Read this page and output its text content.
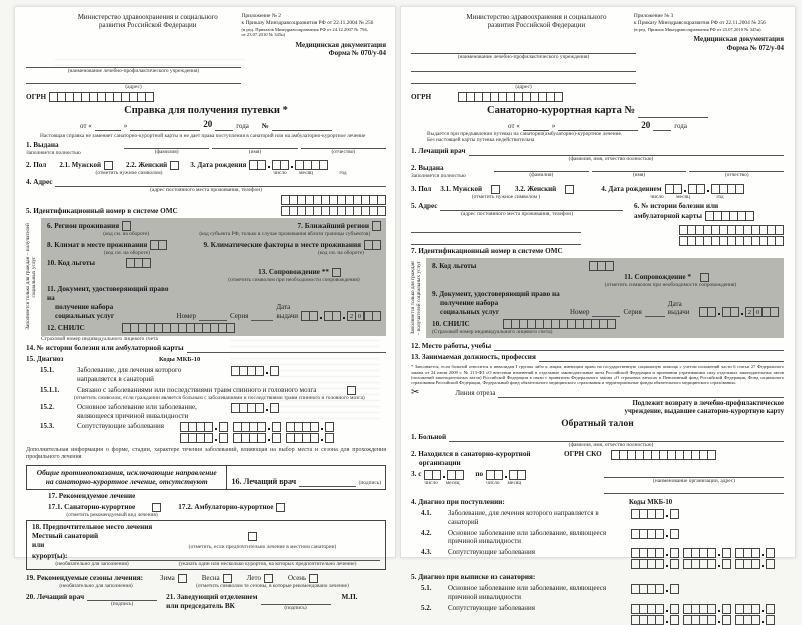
Министерство здравоохранения и социального
развития Российской Федерации
Приложение № 2
к Приказу Минздравсоцразвития РФ от 22.11.2004 № 256
(в ред. Приказов Минздравсоцразвития РФ от 24.12.2007 № 794,
от 23.07.2010 № 345н)
Медицинская документация
Форма № 070/у-04
(наименование лечебно-профилактического учреждения)
(адрес)
ОГРН
Справка для получения путевки *
от «	»	20	года №
Настоящая справка не заменяет санаторно-курортной карты и не дает права поступления в санаторий или на амбулаторно-курортное лечение
1. Выдана
Заполняется полностью	(фамилия)	(имя)	(отчество)
2. Пол 2.1. Мужской	2.2. Женский	3. Дата рождения
(отметить нужное символом)	число	месяц	год
4. Адрес
(адрес постоянного места проживания, телефон)
5. Идентификационный номер в системе ОМС
Заполняется только для граждан – получателей социальных услуг
6. Регион проживания	7. Ближайший регион
(код см. на обороте)	(код субъекта РФ, только в случае проживания вблизи границы субъектов)
8. Климат в месте проживания	9. Климатические факторы в месте проживания
(код см. на обороте)	(код см. на обороте)
10. Код льготы
13. Сопровождение **
(отметить символом при необходимости сопровождения)
11. Документ, удостоверяющий право на
получение набора
социальных услуг	Номер	Серия
Дата выдачи	2 0
12. СНИЛС
Страховой номер индивидуального лицевого счета
14. № истории болезни или амбулаторной карты
15. Диагноз	Коды МКБ-10
15.1.	Заболевание, для лечения которого направляется в санаторий
15.1.1.	Связано с заболеваниями или последствиями травм спинного и головного мозга
(отметить символом, если гражданин является больным с заболеваниями и последствиями травм спинного и головного мозга)
15.2.	Основное заболевание или заболевание, являющееся причиной инвалидности
15.3.	Сопутствующие заболевания
Дополнительная информация о форме, стадии, характере течения заболеваний, влияющая на выбор места и сезона для прохождения профильного лечения
Общие противопоказания, исключающие направление
на санаторно-курортное лечение, отсутствуют	16. Лечащий врач	(подпись)
17. Рекомендуемое лечение
17.1. Санаторно-курортное	17.2. Амбулаторно-курортное
(отметить рекомендуемый вид лечения)
18. Предпочтительное место лечения
Местный санаторий
или	(отметить, если предпочтительно лечение в местном санатории)
курорт(ы):
(необязательно для заполнения)	(указать один или несколько курортов, на которых предпочтительно лечение)
19. Рекомендуемые сезоны лечения: Зима	Весна	Лето	Осень
(необязательно для заполнения)	(отметить символом те сезоны, в которые рекомендовано лечение)
20. Лечащий врач
(подпись)
21. Заведующий отделением
или председатель ВК	(подпись)
М.П.
Министерство здравоохранения и социального
развития Российской Федерации
Приложение № 3
к Приказу Минздравсоцразвития РФ от 22.11.2004 № 256
(в ред. Приказа Минздравсоцразвития РФ от 23.07.2010 № 345н)
Медицинская документация
Форма № 072/у-04
(наименование лечебно-профилактического учреждения)
(адрес)
ОГРН
Санаторно-курортная карта №
от «	»	20	года
Выдается при предъявлении путевки на санаторно(амбулаторно)-курортное лечение.
Без настоящей карты путевка недействительна
1. Лечащий врач
(фамилия, имя, отчество полностью)
2. Выдана
Заполняется полностью	(фамилия)	(имя)	(отчество)
3. Пол 3.1. Мужской	3.2. Женский	4. Дата рождением
(отметить нужное символом )	число	месяц	год
5. Адрес
(адрес постоянного места проживания, телефон)
6. № истории болезни или
амбулаторной карты
7. Идентификационный номер в системе ОМС
Заполняется только для граждан – получателей социальных услуг	8. Код льготы
11. Сопровождение *
(отметить символом при необходимости сопровождения)
9. Документ, удостоверяющий право на
получение набора
социальных услуг	Номер	Серия
Дата выдачи	2 0
10. СНИЛС
(Страховой номер индивидуального лицевого счета)
12. Место работы, учебы
13. Занимаемая должность, профессия
* Заполняется, если больной относится к инвалидам I группы либо к лицам, имеющим право на государственную социальную помощь с учетом положений части 6 статьи 27 Федерального закона от 24 июля 2009 г. № 213-ФЗ «О внесении изменений в отдельные законодательные акты Российской Федерации и признании утратившими силу отдельных законодательных актов (положений законодательных актов) Российской Федерации в связи с принятием Федерального закона «О страховых взносах в Пенсионный фонд Российской Федерации, Фонд социального страхования Российской Федерации, Федеральный фонд обязательного медицинского страхования и территориальные фонды обязательного медицинского страхования»
✂	Линия отреза
Подлежит возврату в лечебно-профилактическое
учреждение, выдавшее санаторно-курортную карту
Обратный талон
1. Больной
(фамилия, имя, отчество полностью)
2. Находился в санаторно-курортной
организации
ОГРН СКО
3. с
число месяц
по
число месяц	(наименование организации, адрес)
4. Диагноз при поступлении:	Коды МКБ-10
4.1.	Заболевание, для лечения которого направляется в санаторий
4.2.	Основное заболевание или заболевание, являющееся причиной инвалидности
4.3.	Сопутствующие заболевания
5. Диагноз при выписке из санатория:
5.1.	Основное заболевание или заболевание, являющееся причиной инвалидности
5.2.	Сопутствующие заболевания
